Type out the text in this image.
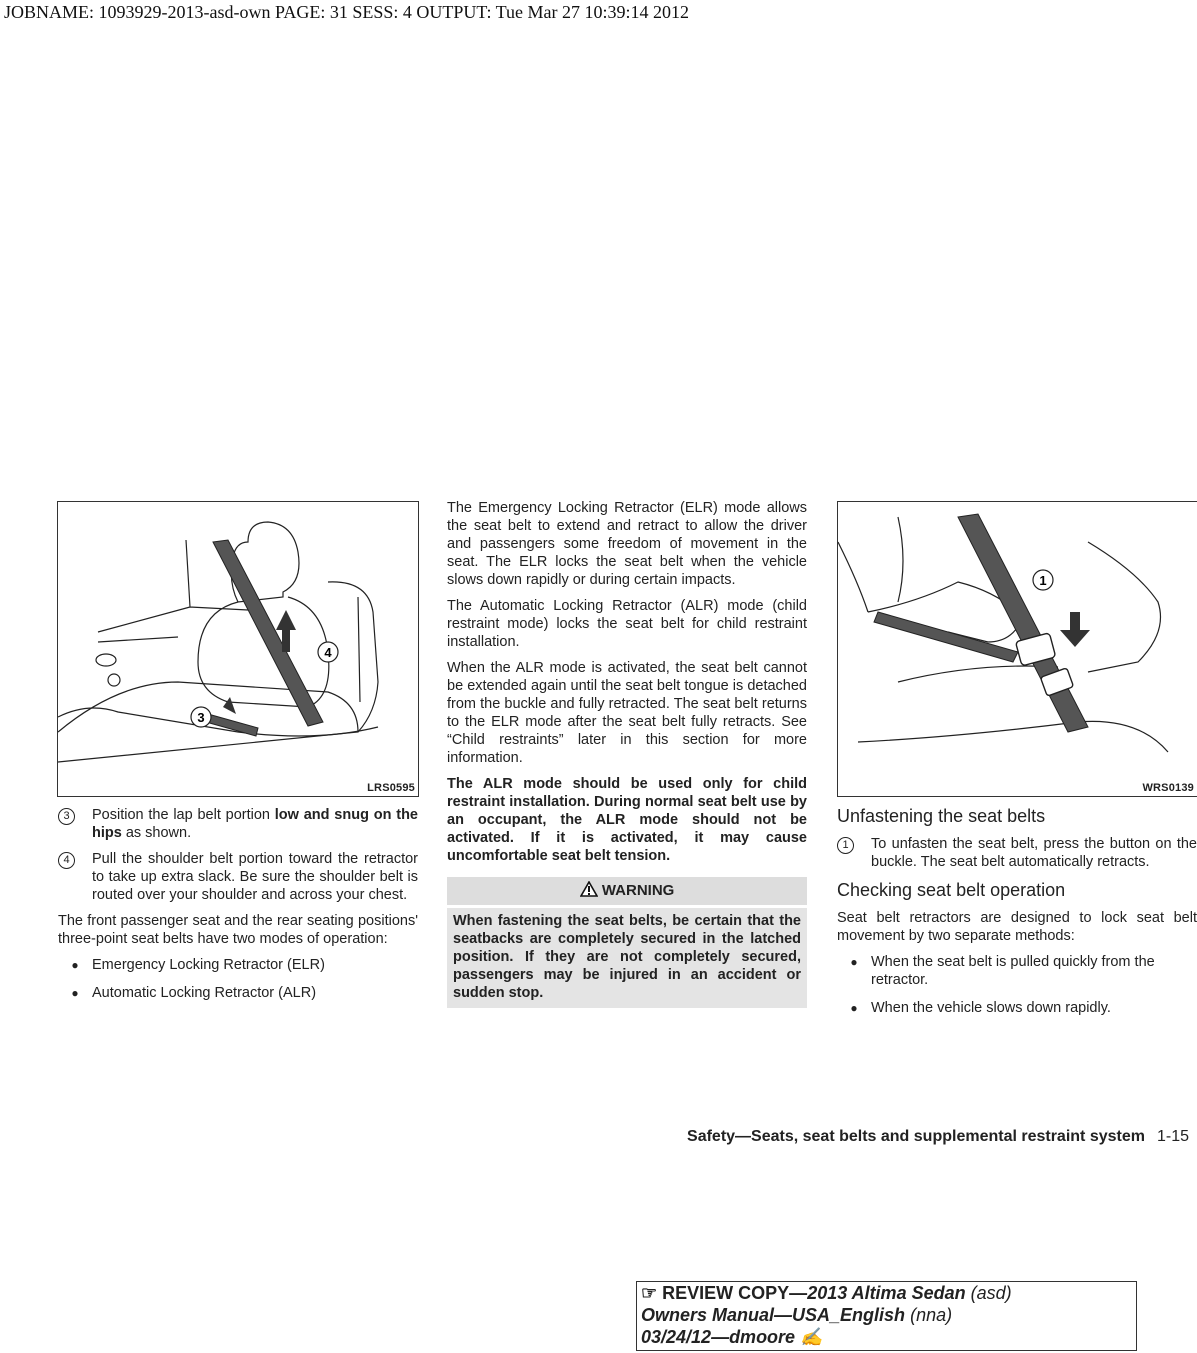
JOBNAME: 1093929-2013-asd-own PAGE: 31 SESS: 4 OUTPUT: Tue Mar 27 10:39:14 2012
4
3
LRS0595
1
WRS0139
3	Position the lap belt portion low and snug on the hips as shown.
4	Pull the shoulder belt portion toward the retractor to take up extra slack. Be sure the shoulder belt is routed over your shoulder and across your chest.

The front passenger seat and the rear seating positions' three-point seat belts have two modes of operation:

● Emergency Locking Retractor (ELR)
● Automatic Locking Retractor (ALR)

The Emergency Locking Retractor (ELR) mode allows the seat belt to extend and retract to allow the driver and passengers some freedom of movement in the seat. The ELR locks the seat belt when the vehicle slows down rapidly or during certain impacts.

The Automatic Locking Retractor (ALR) mode (child restraint mode) locks the seat belt for child restraint installation.

When the ALR mode is activated, the seat belt cannot be extended again until the seat belt tongue is detached from the buckle and fully retracted. The seat belt returns to the ELR mode after the seat belt fully retracts. See “Child restraints” later in this section for more information.

The ALR mode should be used only for child restraint installation. During normal seat belt use by an occupant, the ALR mode should not be activated. If it is activated, it may cause uncomfortable seat belt tension.

WARNING
When fastening the seat belts, be certain that the seatbacks are completely secured in the latched position. If they are not completely secured, passengers may be injured in an accident or sudden stop.
Unfastening the seat belts
1	To unfasten the seat belt, press the button on the buckle. The seat belt automatically retracts.
Checking seat belt operation

Seat belt retractors are designed to lock seat belt movement by two separate methods:

● When the seat belt is pulled quickly from the retractor.
● When the vehicle slows down rapidly.
Safety—Seats, seat belts and supplemental restraint system 1-15
☞ REVIEW COPY—2013 Altima Sedan (asd)
Owners Manual—USA_English (nna)
03/24/12—dmoore ✍
